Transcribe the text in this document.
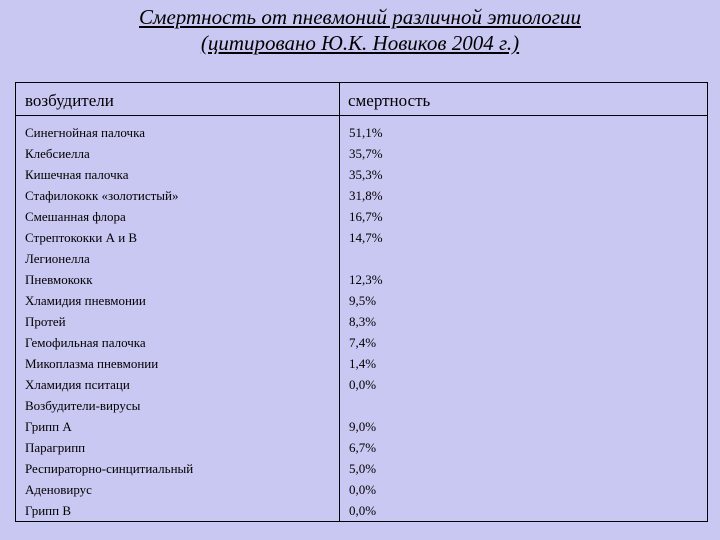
Смертность от пневмоний различной этиологии
(цитировано Ю.К. Новиков 2004 г.)
возбудители	смертность
Синегнойная палочка
Клебсиелла
Кишечная палочка
Стафилококк «золотистый»
Смешанная флора
Стрептококки А и В
Легионелла
Пневмококк
Хламидия пневмонии
Протей
Гемофильная палочка
Микоплазма пневмонии
Хламидия пситаци
Возбудители-вирусы
Грипп А
Парагрипп
Респираторно-синцитиальный
Аденовирус
Грипп В
51,1%
35,7%
35,3%
31,8%
16,7%
14,7%
12,3%
9,5%
8,3%
7,4%
1,4%
0,0%
9,0%
6,7%
5,0%
0,0%
0,0%
